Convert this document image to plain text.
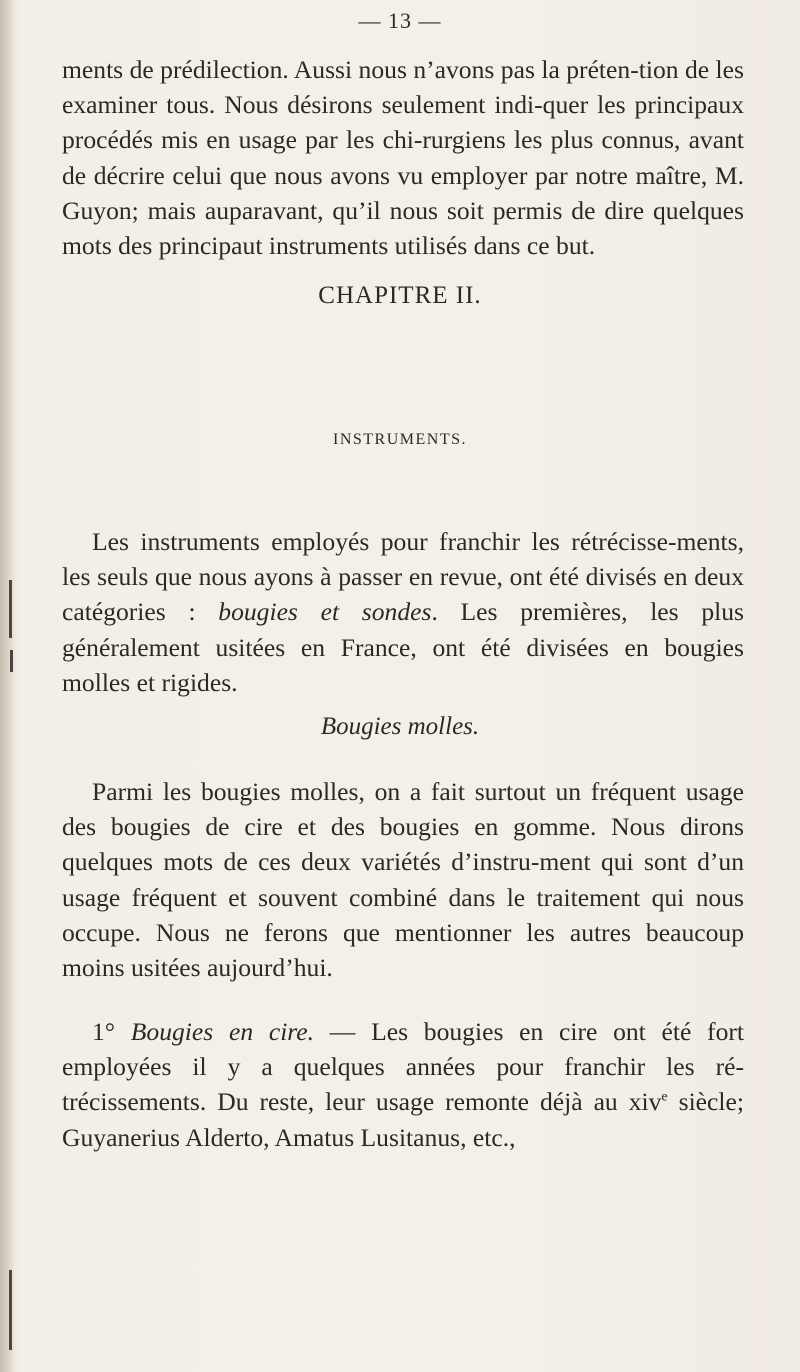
— 13 —

ments de prédilection. Aussi nous n’avons pas la préten-tion de les examiner tous. Nous désirons seulement indi-quer les principaux procédés mis en usage par les chi-rurgiens les plus connus, avant de décrire celui que nous avons vu employer par notre maître, M. Guyon; mais auparavant, qu’il nous soit permis de dire quelques mots des principaut instruments utilisés dans ce but.

CHAPITRE II.
INSTRUMENTS.

Les instruments employés pour franchir les rétrécisse-ments, les seuls que nous ayons à passer en revue, ont été divisés en deux catégories : bougies et sondes. Les premières, les plus généralement usitées en France, ont été divisées en bougies molles et rigides.

Bougies molles.

Parmi les bougies molles, on a fait surtout un fréquent usage des bougies de cire et des bougies en gomme. Nous dirons quelques mots de ces deux variétés d’instru-ment qui sont d’un usage fréquent et souvent combiné dans le traitement qui nous occupe. Nous ne ferons que mentionner les autres beaucoup moins usitées aujourd’hui.

1° Bougies en cire. — Les bougies en cire ont été fort employées il y a quelques années pour franchir les ré-trécissements. Du reste, leur usage remonte déjà au xiv$^e$ siècle; Guyanerius Alderto, Amatus Lusitanus, etc.,
